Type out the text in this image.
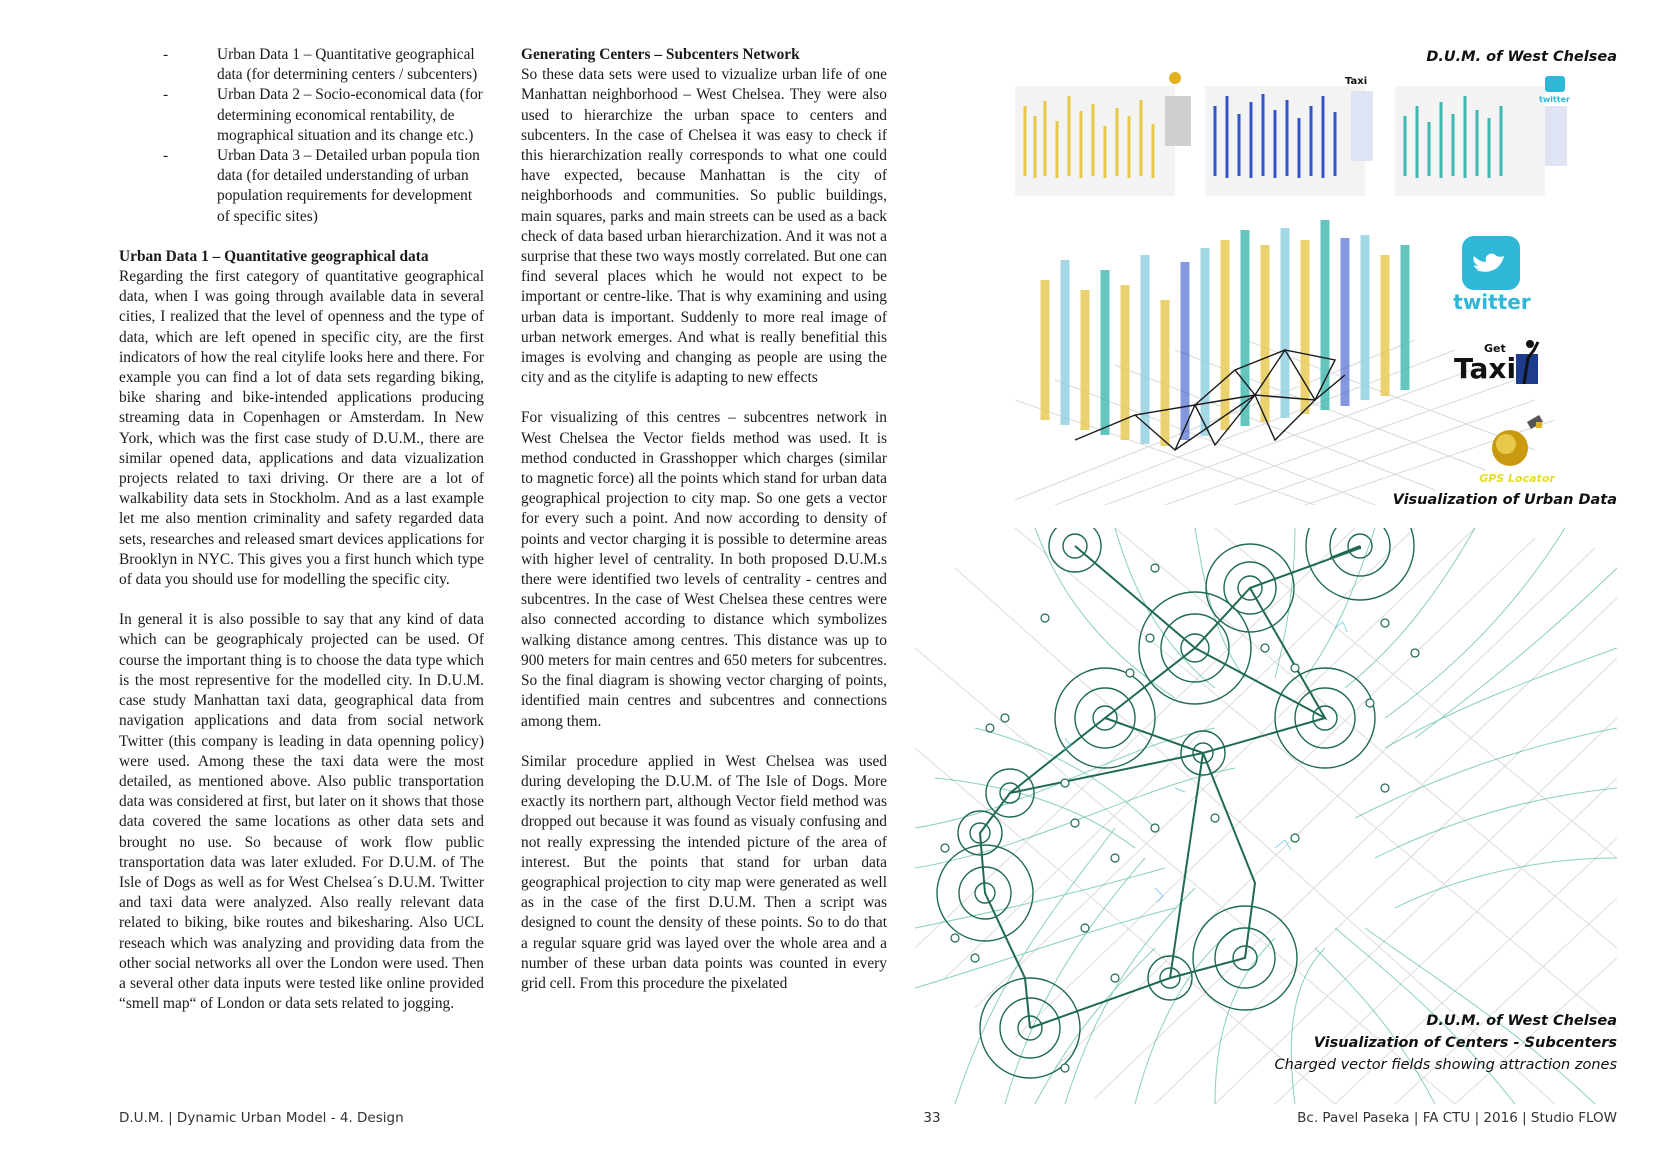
-	Urban Data 1 – Quantitative geographical data (for determining centers / subcenters)
-	Urban Data 2 – Socio-economical data (for determining economical rentability, de mographical situation and its change etc.)
-	Urban Data 3 – Detailed urban popula tion data (for detailed understanding of urban population requirements for development of specific sites)

Urban Data 1 – Quantitative geographical data

Regarding the first category of quantitative geographical data, when I was going through available data in several cities, I realized that the level of openness and the type of data, which are left opened in specific city, are the first indicators of how the real citylife looks here and there. For example you can find a lot of data sets regarding biking, bike sharing and bike-intended applications producing streaming data in Copenhagen or Amsterdam. In New York, which was the first case study of D.U.M., there are similar opened data, applications and data vizualization projects related to taxi driving. Or there are a lot of walkability data sets in Stockholm. And as a last example let me also mention criminality and safety regarded data sets, researches and released smart devices applications for Brooklyn in NYC. This gives you a first hunch which type of data you should use for modelling the specific city.

In general it is also possible to say that any kind of data which can be geographicaly projected can be used. Of course the important thing is to choose the data type which is the most representive for the modelled city. In D.U.M. case study Manhattan taxi data, geographical data from navigation applications and data from social network Twitter (this company is leading in data openning policy) were used. Among these the taxi data were the most detailed, as mentioned above. Also public transportation data was considered at first, but later on it shows that those data covered the same locations as other data sets and brought no use. So because of work flow public transportation data was later exluded. For D.U.M. of The Isle of Dogs as well as for West Chelsea´s D.U.M. Twitter and taxi data were analyzed. Also really relevant data related to biking, bike routes and bikesharing. Also UCL reseach which was analyzing and providing data from the other social networks all over the London were used. Then a several other data inputs were tested like online provided “smell map“ of London or data sets related to jogging.

Generating Centers – Subcenters Network

So these data sets were used to vizualize urban life of one Manhattan neighborhood – West Chelsea. They were also used to hierarchize the urban space to centers and subcenters. In the case of Chelsea it was easy to check if this hierarchization really corresponds to what one could have expected, because Manhattan is the city of neighborhoods and communities. So public buildings, main squares, parks and main streets can be used as a back check of data based urban hierarchization. And it was not a surprise that these two ways mostly correlated. But one can find several places which he would not expect to be important or centre-like. That is why examining and using urban data is important. Suddenly to more real image of urban network emerges. And what is really benefitial this images is evolving and changing as people are using the city and as the citylife is adapting to new effects

For visualizing of this centres – subcentres network in West Chelsea the Vector fields method was used. It is method conducted in Grasshopper which charges (similar to magnetic force) all the points which stand for urban data geographical projection to city map. So one gets a vector for every such a point. And now according to density of points and vector charging it is possible to determine areas with higher level of centrality. In both proposed D.U.M.s there were identified two levels of centrality - centres and subcentres. In the case of West Chelsea these centres were also connected according to distance which symbolizes walking distance among centres. This distance was up to 900 meters for main centres and 650 meters for subcentres. So the final diagram is showing vector charging of points, identified main centres and subcentres and connections among them.

Similar procedure applied in West Chelsea was used during developing the D.U.M. of The Isle of Dogs. More exactly its northern part, although Vector field method was dropped out because it was found as visualy confusing and not really expressing the intended picture of the area of interest. But the points that stand for urban data geographical projection to city map were generated as well as in the case of the first D.U.M. Then a script was designed to count the density of these points. So to do that a regular square grid was layed over the whole area and a number of these urban data points was counted in every grid cell. From this procedure the pixelated

D.U.M. of West Chelsea
Taxi
twitter
twitter
Get
Taxi
GPS Locator
Visualization of Urban Data
D.U.M. of West Chelsea
Visualization of Centers - Subcenters
Charged vector fields showing attraction zones
D.U.M. | Dynamic Urban Model - 4. Design	33	Bc. Pavel Paseka | FA CTU | 2016 | Studio FLOW
